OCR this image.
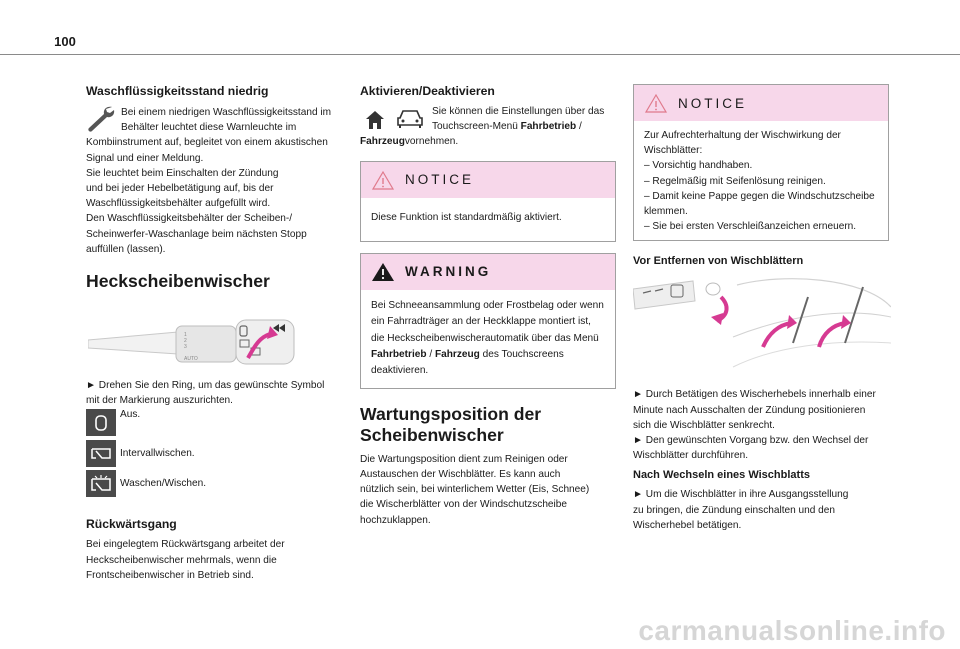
100
Waschflüssigkeitsstand niedrig
Bei einem niedrigen Waschflüssigkeitsstand im
Behälter leuchtet diese Warnleuchte im
Kombiinstrument auf, begleitet von einem akustischen
Signal und einer Meldung.
Sie leuchtet beim Einschalten der Zündung
und bei jeder Hebelbetätigung auf, bis der
Waschflüssigkeitsbehälter aufgefüllt wird.
Den Waschflüssigkeitsbehälter der Scheiben-/
Scheinwerfer-Waschanlage beim nächsten Stopp
auffüllen (lassen).
Heckscheibenwischer
1
2
3
AUTO
► Drehen Sie den Ring, um das gewünschte Symbol
mit der Markierung auszurichten.
Aus.
Intervallwischen.
Waschen/Wischen.
Rückwärtsgang
Bei eingelegtem Rückwärtsgang arbeitet der
Heckscheibenwischer mehrmals, wenn die
Frontscheibenwischer in Betrieb sind.
Aktivieren/Deaktivieren
Sie können die Einstellungen über das
Touchscreen-Menü Fahrbetrieb /
Fahrzeugvornehmen.
NOTICE
Diese Funktion ist standardmäßig aktiviert.
WARNING
Bei Schneeansammlung oder Frostbelag oder wenn
ein Fahrradträger an der Heckklappe montiert ist,
die Heckscheibenwischerautomatik über das Menü
Fahrbetrieb / Fahrzeug des Touchscreens
deaktivieren.
Wartungsposition der
Scheibenwischer
Die Wartungsposition dient zum Reinigen oder
Austauschen der Wischblätter. Es kann auch
nützlich sein, bei winterlichem Wetter (Eis, Schnee)
die Wischerblätter von der Windschutzscheibe
hochzuklappen.
NOTICE
Zur Aufrechterhaltung der Wischwirkung der
Wischblätter:
– Vorsichtig handhaben.
– Regelmäßig mit Seifenlösung reinigen.
– Damit keine Pappe gegen die Windschutzscheibe
klemmen.
– Sie bei ersten Verschleißanzeichen erneuern.
Vor Entfernen von Wischblättern
► Durch Betätigen des Wischerhebels innerhalb einer
Minute nach Ausschalten der Zündung positionieren
sich die Wischblätter senkrecht.
► Den gewünschten Vorgang bzw. den Wechsel der
Wischblätter durchführen.
Nach Wechseln eines Wischblatts
► Um die Wischblätter in ihre Ausgangsstellung
zu bringen, die Zündung einschalten und den
Wischerhebel betätigen.
carmanualsonline.info
